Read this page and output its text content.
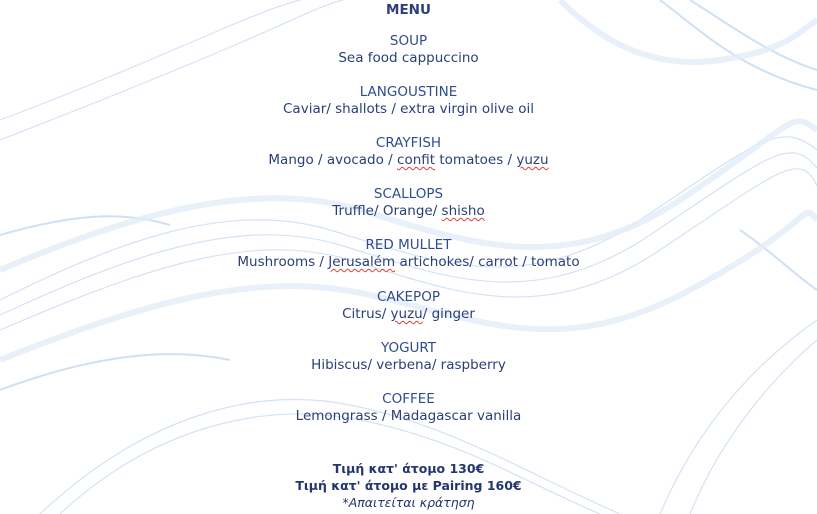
MENU
SOUP
Sea food cappuccino
LANGOUSTINE
Caviar/ shallots / extra virgin olive oil
CRAYFISH
Mango / avocado / confit tomatoes / yuzu
SCALLOPS
Truffle/ Orange/ shisho
RED MULLET
Mushrooms / Jerusalém artichokes/ carrot / tomato
CAKEPOP
Citrus/ yuzu/ ginger
YOGURT
Hibiscus/ verbena/ raspberry
COFFEE
Lemongrass / Madagascar vanilla
Τιμή κατ' άτομο 130€
Τιμή κατ' άτομο με Pairing 160€
*Απαιτείται κράτηση
